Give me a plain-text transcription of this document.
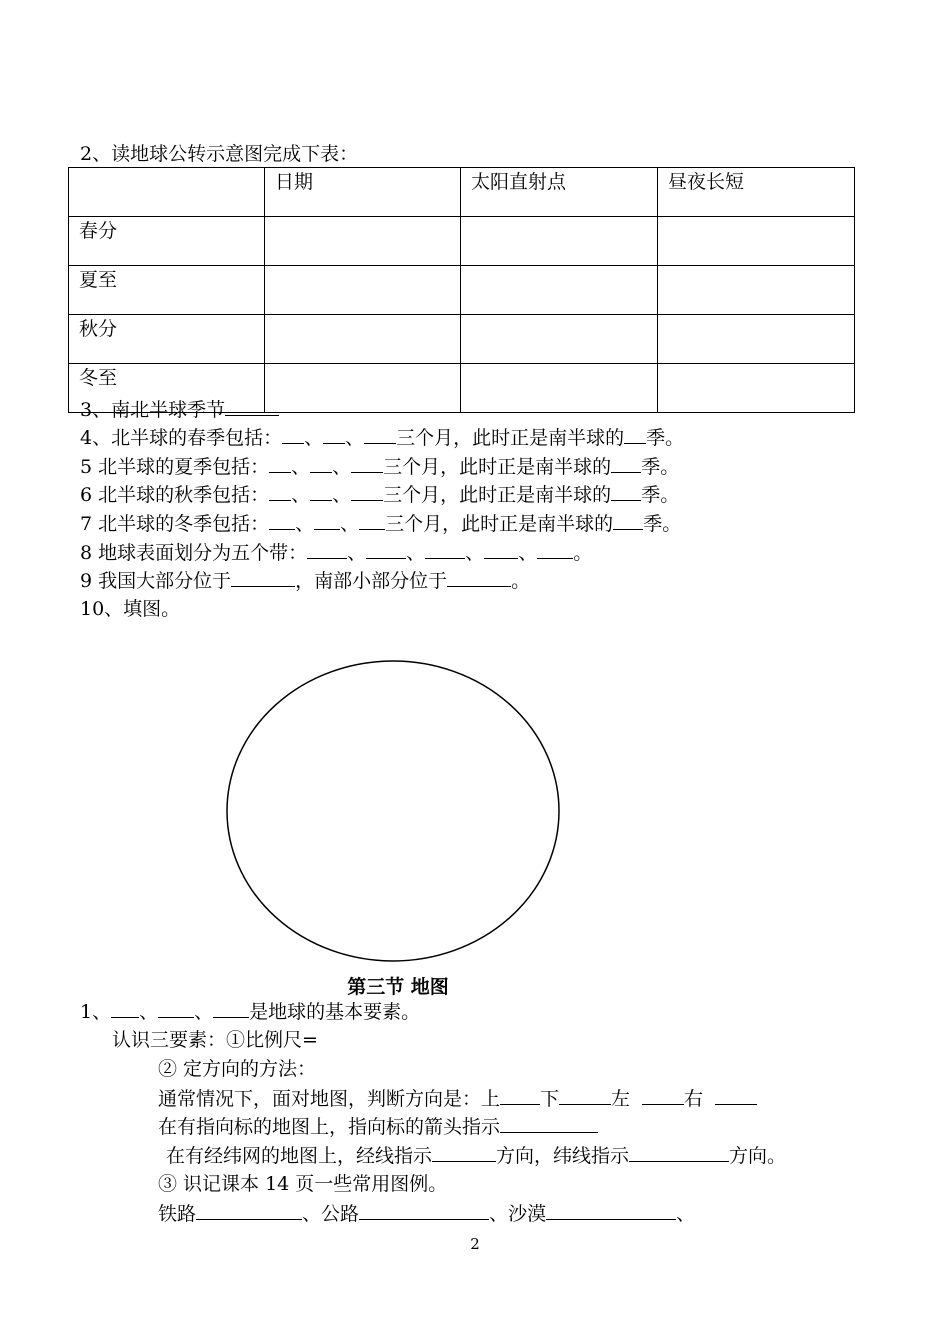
2、读地球公转示意图完成下表：
	日期	太阳直射点	昼夜长短
春分			
夏至			
秋分			
冬至			
3、南北半球季节
4、北半球的春季包括： 、 、 三个月，此时正是南半球的 季。
5 北半球的夏季包括： 、 、 三个月，此时正是南半球的 季。
6 北半球的秋季包括： 、 、 三个月，此时正是南半球的 季。
7 北半球的冬季包括： 、 、 三个月，此时正是南半球的 季。
8 地球表面划分为五个带： 、 、 、 、 。
9 我国大部分位于	，南部小部分位于	。
10、填图。
第三节 地图
1、 、 、 是地球的基本要素。
认识三要素：①比例尺=
② 定方向的方法：
通常情况下，面对地图，判断方向是：上 下	左	右
在有指向标的地图上，指向标的箭头指示
在有经纬网的地图上，经线指示	方向，纬线指示	方向。
③ 识记课本 14 页一些常用图例。
铁路	、公路	、沙漠	、
2
